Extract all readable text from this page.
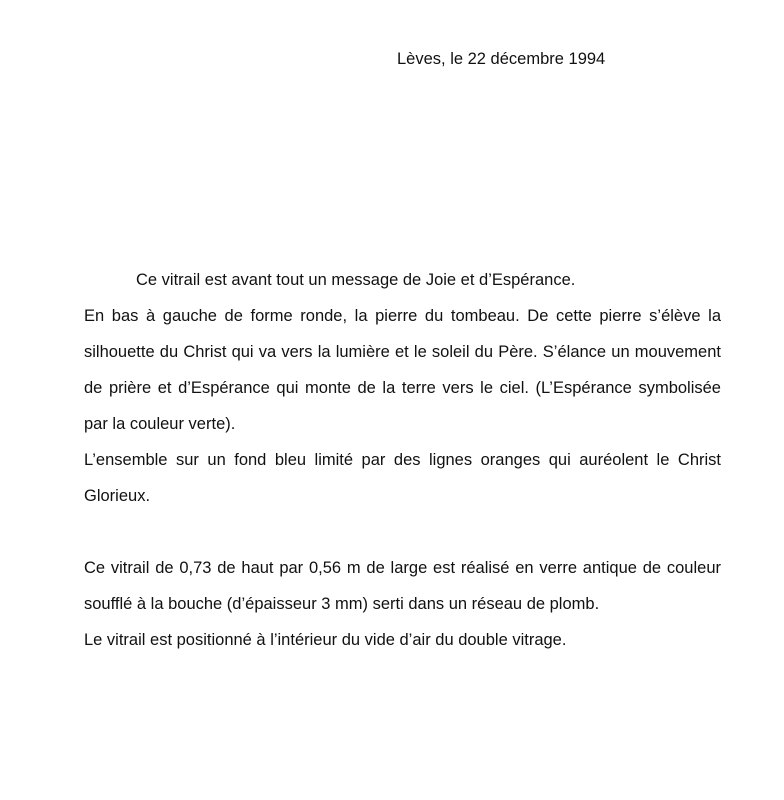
Lèves, le 22 décembre 1994

Ce vitrail est avant tout un message de Joie et d’Espérance.

En bas à gauche de forme ronde, la pierre du tombeau. De cette pierre s’élève la silhouette du Christ qui va vers la lumière et le soleil du Père. S’élance un mouvement de prière et d’Espérance qui monte de la terre vers le ciel. (L’Espérance symbolisée par la couleur verte).

L’ensemble sur un fond bleu limité par des lignes oranges qui auréolent le Christ Glorieux.

Ce vitrail de 0,73 de haut par 0,56 m de large est réalisé en verre antique de couleur soufflé à la bouche (d’épaisseur 3 mm) serti dans un réseau de plomb.

Le vitrail est positionné à l’intérieur du vide d’air du double vitrage.
